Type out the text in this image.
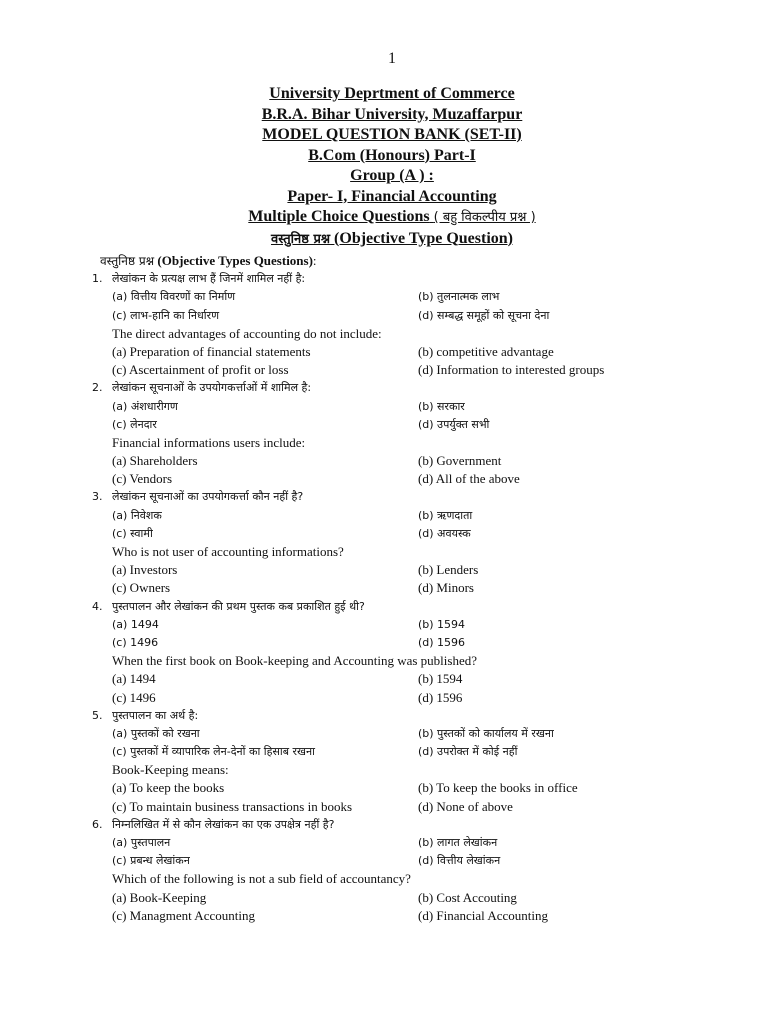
1
University Deprtment of Commerce
B.R.A. Bihar University, Muzaffarpur
MODEL QUESTION BANK (SET-II)
B.Com (Honours) Part-I
Group (A ) :
Paper- I, Financial Accounting
Multiple Choice Questions ( बहु विकल्पीय प्रश्न )
वस्तुनिष्ठ प्रश्न (Objective Type Question)
वस्तुनिष्ठ प्रश्न (Objective Types Questions):
1. लेखांकन के प्रत्यक्ष लाभ हैं जिनमें शामिल नहीं है:
(a) वित्तीय विवरणों का निर्माण	(b) तुलनात्मक लाभ
(c) लाभ-हानि का निर्धारण	(d) सम्बद्ध समूहों को सूचना देना
The direct advantages of accounting do not include:
(a) Preparation of financial statements	(b) competitive advantage
(c) Ascertainment of profit or loss	(d) Information to interested groups
2. लेखांकन सूचनाओं के उपयोगकर्त्ताओं में शामिल है:
(a) अंशधारीगण	(b) सरकार
(c) लेनदार	(d) उपर्युक्त सभी
Financial informations users include:
(a) Shareholders	(b) Government
(c) Vendors	(d) All of the above
3. लेखांकन सूचनाओं का उपयोगकर्त्ता कौन नहीं है?
(a) निवेशक	(b) ऋणदाता
(c) स्वामी	(d) अवयस्क
Who is not user of accounting informations?
(a) Investors	(b) Lenders
(c) Owners	(d) Minors
4. पुस्तपालन और लेखांकन की प्रथम पुस्तक कब प्रकाशित हुई थी?
(a) 1494	(b) 1594
(c) 1496	(d) 1596
When the first book on Book-keeping and Accounting was published?
(a) 1494	(b) 1594
(c) 1496	(d) 1596
5. पुस्तपालन का अर्थ है:
(a) पुस्तकों को रखना	(b) पुस्तकों को कार्यालय में रखना
(c) पुस्तकों में व्यापारिक लेन-देनों का हिसाब रखना	(d) उपरोक्त में कोई नहीं
Book-Keeping means:
(a) To keep the books	(b) To keep the books in office
(c) To maintain business transactions in books	(d) None of above
6. निम्नलिखित में से कौन लेखांकन का एक उपक्षेत्र नहीं है?
(a) पुस्तपालन	(b) लागत लेखांकन
(c) प्रबन्ध लेखांकन	(d) वित्तीय लेखांकन
Which of the following is not a sub field of accountancy?
(a) Book-Keeping	(b) Cost Accouting
(c) Managment Accounting	(d) Financial Accounting
